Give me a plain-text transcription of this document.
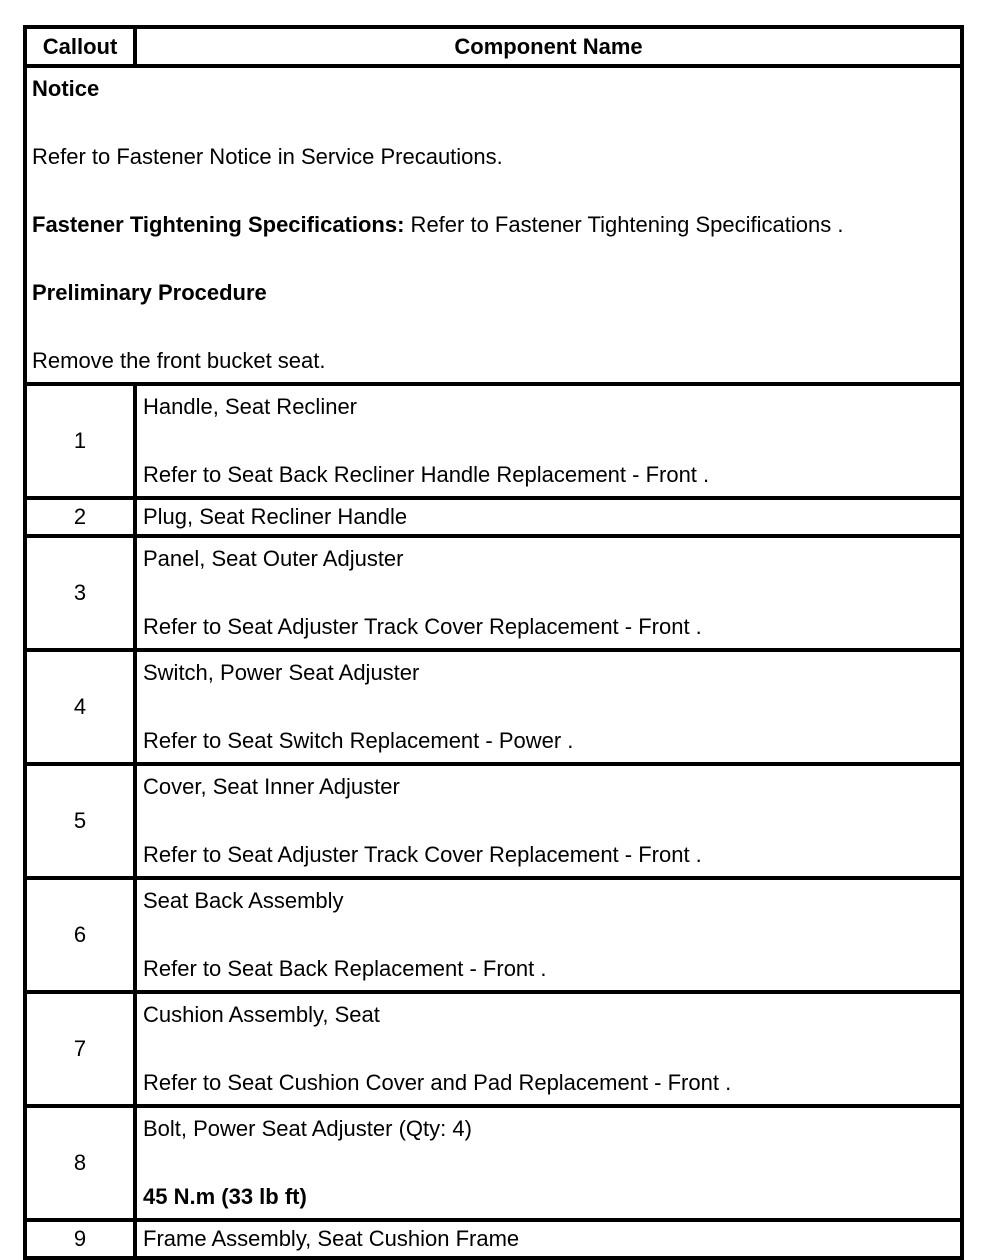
Callout	Component Name

Notice
Refer to Fastener Notice in Service Precautions.
Fastener Tightening Specifications: Refer to Fastener Tightening Specifications .
Preliminary Procedure
Remove the front bucket seat.	

1	Handle, Seat Recliner
Refer to Seat Back Recliner Handle Replacement - Front .

2	Plug, Seat Recliner Handle

3	Panel, Seat Outer Adjuster
Refer to Seat Adjuster Track Cover Replacement - Front .

4	Switch, Power Seat Adjuster
Refer to Seat Switch Replacement - Power .

5	Cover, Seat Inner Adjuster
Refer to Seat Adjuster Track Cover Replacement - Front .

6	Seat Back Assembly
Refer to Seat Back Replacement - Front .

7	Cushion Assembly, Seat
Refer to Seat Cushion Cover and Pad Replacement - Front .

8	Bolt, Power Seat Adjuster (Qty: 4)
45 N.m (33 lb ft)

9	Frame Assembly, Seat Cushion Frame
